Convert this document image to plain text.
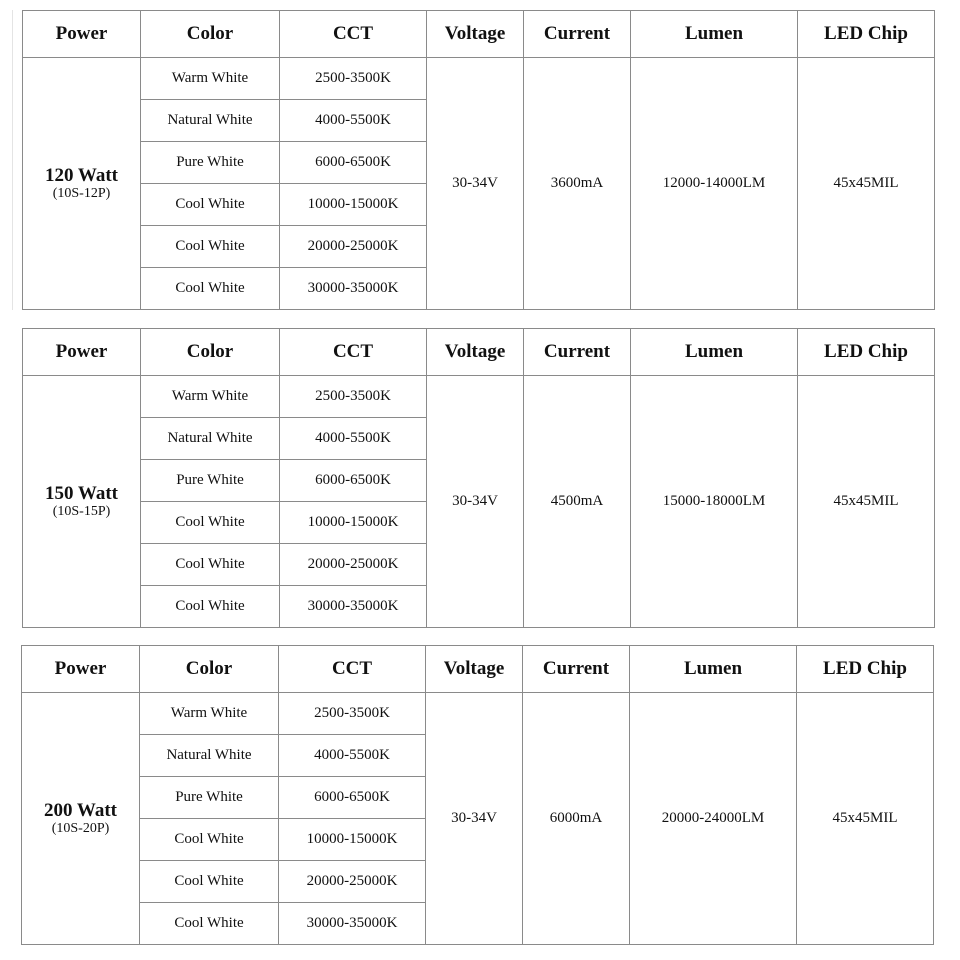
Power	Color	CCT	Voltage	Current	Lumen	LED Chip

120 Watt
(10S-12P)	Warm White	2500-3500K	30-34V	3600mA	12000-14000LM	45x45MIL
	Natural White	4000-5500K				
	Pure White	6000-6500K				
	Cool White	10000-15000K				
	Cool White	20000-25000K				
	Cool White	30000-35000K				
Power	Color	CCT	Voltage	Current	Lumen	LED Chip

150 Watt
(10S-15P)	Warm White	2500-3500K	30-34V	4500mA	15000-18000LM	45x45MIL
	Natural White	4000-5500K				
	Pure White	6000-6500K				
	Cool White	10000-15000K				
	Cool White	20000-25000K				
	Cool White	30000-35000K				
Power	Color	CCT	Voltage	Current	Lumen	LED Chip

200 Watt
(10S-20P)	Warm White	2500-3500K	30-34V	6000mA	20000-24000LM	45x45MIL
	Natural White	4000-5500K				
	Pure White	6000-6500K				
	Cool White	10000-15000K				
	Cool White	20000-25000K				
	Cool White	30000-35000K				
